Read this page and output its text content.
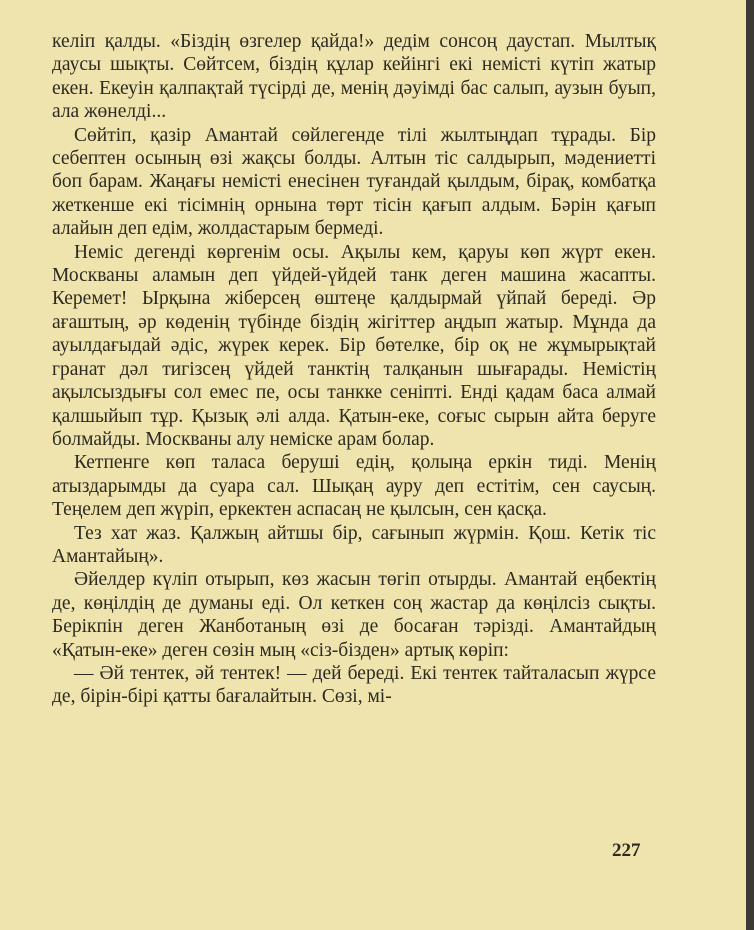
келіп қалды. «Біздің өзгелер қайда!» дедім сонсоң даустап. Мылтық даусы шықты. Сөйтсем, біздің құлар кейінгі екі немісті күтіп жатыр екен. Екеуін қалпақтай түсірді де, менің дәуімді бас салып, аузын буып, ала жөнелді...

Сөйтіп, қазір Амантай сөйлегенде тілі жылтыңдап тұрады. Бір себептен осының өзі жақсы болды. Алтын тіс салдырып, мәдениетті боп барам. Жаңағы немісті енесінен туғандай қылдым, бірақ, комбатқа жеткенше екі тісімнің орнына төрт тісін қағып алдым. Бәрін қағып алайын деп едім, жолдастарым бермеді.

Неміс дегенді көргенім осы. Ақылы кем, қаруы көп жүрт екен. Москваны аламын деп үйдей-үйдей танк деген машина жасапты. Керемет! Ырқына жіберсең өштеңе қалдырмай үйпай береді. Әр ағаштың, әр көденің түбінде біздің жігіттер аңдып жатыр. Мұнда да ауылдағыдай әдіс, жүрек керек. Бір бөтелке, бір оқ не жұмырықтай гранат дәл тигізсең үйдей танктің талқанын шығарады. Немістің ақылсыздығы сол емес пе, осы танкке сеніпті. Енді қадам баса алмай қалшыйып тұр. Қызық әлі алда. Қатын-еке, соғыс сырын айта беруге болмайды. Москваны алу неміске арам болар.

Кетпенге көп таласа беруші едің, қолыңа еркін тиді. Менің атыздарымды да суара сал. Шықаң ауру деп естітім, сен саусың. Теңелем деп жүріп, еркектен аспасаң не қылсын, сен қасқа.

Тез хат жаз. Қалжың айтшы бір, сағынып жүрмін. Қош. Кетік тіс Амантайың».

Әйелдер күліп отырып, көз жасын төгіп отырды. Амантай еңбектің де, көңілдің де думаны еді. Ол кеткен соң жастар да көңілсіз сықты. Берікпін деген Жанботаның өзі де босаған тәрізді. Амантайдың «Қатын-еке» деген сөзін мың «сіз-бізден» артық көріп:

— Әй тентек, әй тентек! — дей береді. Екі тентек тайталасып жүрсе де, бірін-бірі қатты бағалайтын. Сөзі, мі-

227
